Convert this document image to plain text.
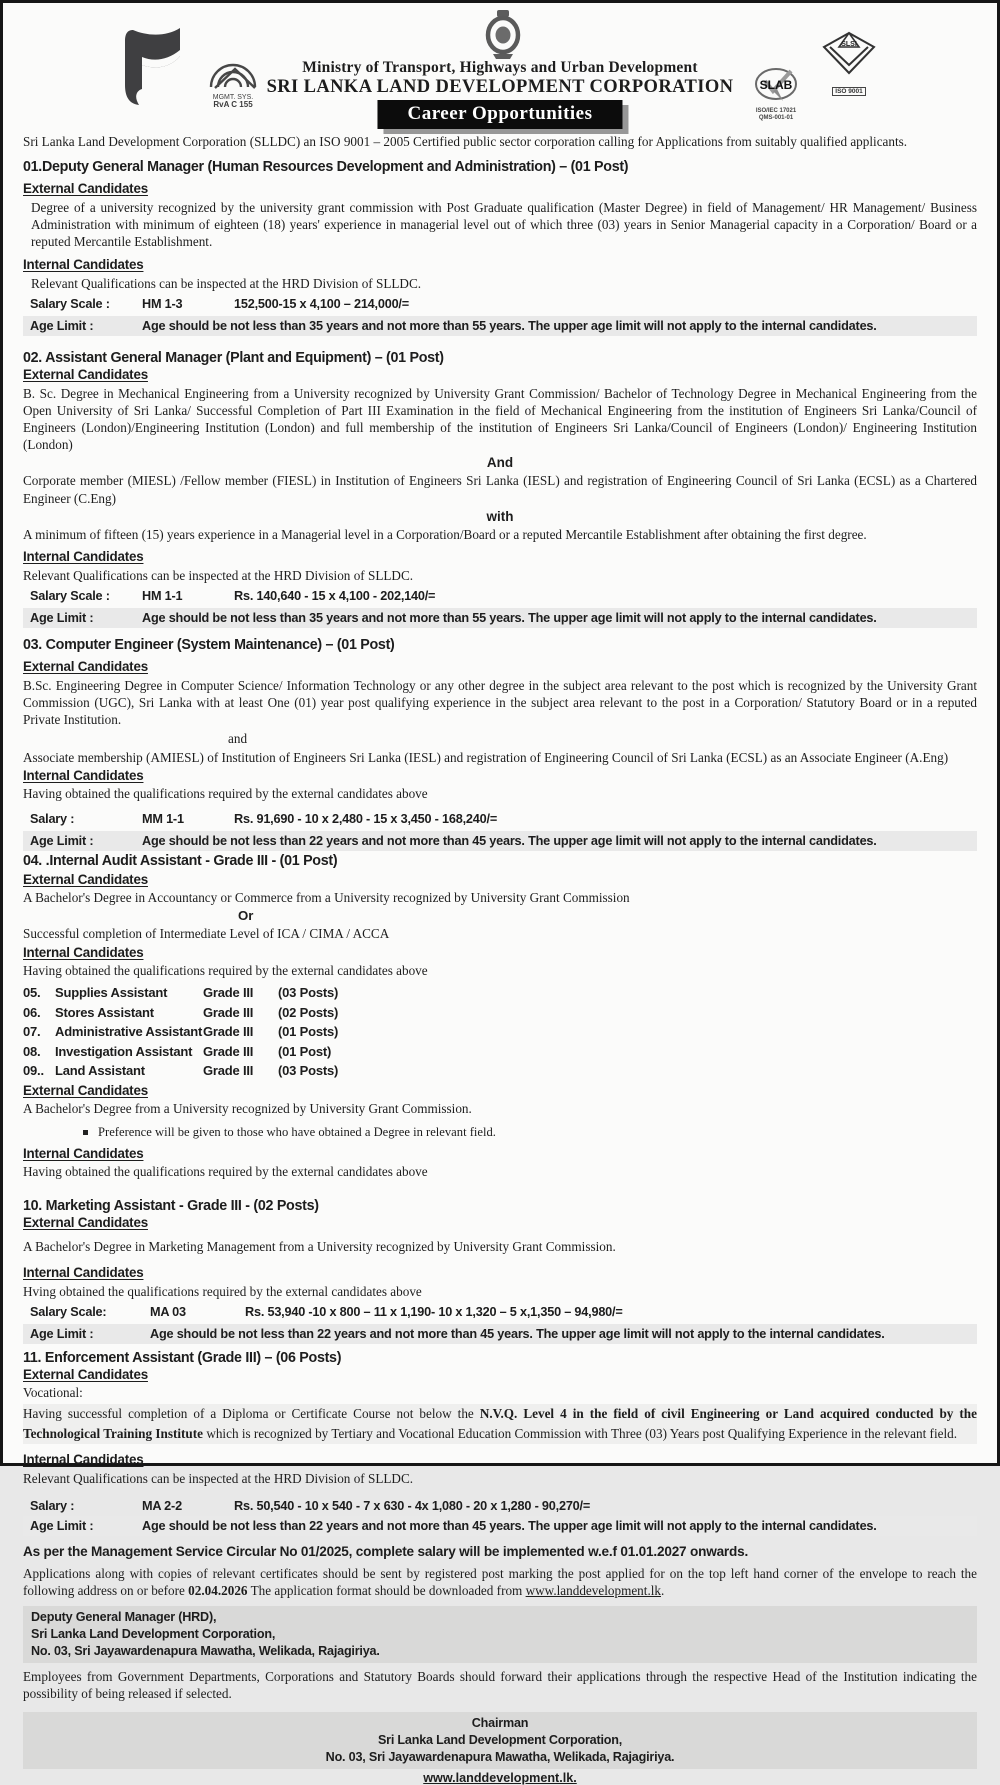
MGMT. SYS.
RvA C 155
Ministry of Transport, Highways and Urban Development
SRI LANKA LAND DEVELOPMENT CORPORATION
Career Opportunities
SLSI
ISO 9001
SLAB
ISO/IEC 17021
QMS-001-01
Sri Lanka Land Development Corporation (SLLDC) an ISO 9001 – 2005 Certified public sector corporation calling for Applications from suitably qualified applicants.
01.Deputy General Manager (Human Resources Development and Administration) – (01 Post)
External Candidates
Degree of a university recognized by the university grant commission with Post Graduate qualification (Master Degree) in field of Management/ HR Management/ Business Administration with minimum of eighteen (18) years' experience in managerial level out of which three (03) years in Senior Managerial capacity in a Corporation/ Board or a reputed Mercantile Establishment.
Internal Candidates
Relevant Qualifications can be inspected at the HRD Division of SLLDC.
Salary Scale :	HM 1-3	152,500-15 x 4,100 – 214,000/=
Age Limit :	Age should be not less than 35 years and not more than 55 years. The upper age limit will not apply to the internal candidates.
02. Assistant General Manager (Plant and Equipment) – (01 Post)
External Candidates
B. Sc. Degree in Mechanical Engineering from a University recognized by University Grant Commission/ Bachelor of Technology Degree in Mechanical Engineering from the Open University of Sri Lanka/ Successful Completion of Part III Examination in the field of Mechanical Engineering from the institution of Engineers Sri Lanka/Council of Engineers (London)/Engineering Institution (London) and full membership of the institution of Engineers Sri Lanka/Council of Engineers (London)/ Engineering Institution (London)
And
Corporate member (MIESL) /Fellow member (FIESL) in Institution of Engineers Sri Lanka (IESL) and registration of Engineering Council of Sri Lanka (ECSL) as a Chartered Engineer (C.Eng)
with
A minimum of fifteen (15) years experience in a Managerial level in a Corporation/Board or a reputed Mercantile Establishment after obtaining the first degree.
Internal Candidates
Relevant Qualifications can be inspected at the HRD Division of SLLDC.
Salary Scale :	HM 1-1	Rs. 140,640 - 15 x 4,100 - 202,140/=
Age Limit :	Age should be not less than 35 years and not more than 55 years. The upper age limit will not apply to the internal candidates.
03. Computer Engineer (System Maintenance) – (01 Post)
External Candidates
B.Sc. Engineering Degree in Computer Science/ Information Technology or any other degree in the subject area relevant to the post which is recognized by the University Grant Commission (UGC), Sri Lanka with at least One (01) year post qualifying experience in the subject area relevant to the post in a Corporation/ Statutory Board or in a reputed Private Institution.
and
Associate membership (AMIESL) of Institution of Engineers Sri Lanka (IESL) and registration of Engineering Council of Sri Lanka (ECSL) as an Associate Engineer (A.Eng)
Internal Candidates
Having obtained the qualifications required by the external candidates above
Salary :	MM 1-1	Rs. 91,690 - 10 x 2,480 - 15 x 3,450 - 168,240/=
Age Limit :	Age should be not less than 22 years and not more than 45 years. The upper age limit will not apply to the internal candidates.
04. .Internal Audit Assistant - Grade III - (01 Post)
External Candidates
A Bachelor's Degree in Accountancy or Commerce from a University recognized by University Grant Commission
Or
Successful completion of Intermediate Level of ICA / CIMA / ACCA
Internal Candidates
Having obtained the qualifications required by the external candidates above
05.	Supplies Assistant	Grade III	(03 Posts)
06.	Stores Assistant	Grade III	(02 Posts)
07.	Administrative Assistant Grade III	(01 Posts)
08.	Investigation Assistant Grade III	(01 Post)
09.. Land Assistant	Grade III	(03 Posts)
External Candidates
A Bachelor's Degree from a University recognized by University Grant Commission.
Preference will be given to those who have obtained a Degree in relevant field.
Internal Candidates
Having obtained the qualifications required by the external candidates above
10. Marketing Assistant - Grade III - (02 Posts)
External Candidates
A Bachelor's Degree in Marketing Management from a University recognized by University Grant Commission.
Internal Candidates
Hving obtained the qualifications required by the external candidates above
Salary Scale:	MA 03	Rs. 53,940 -10 x 800 – 11 x 1,190- 10 x 1,320 – 5 x,1,350 – 94,980/=
Age Limit :	Age should be not less than 22 years and not more than 45 years. The upper age limit will not apply to the internal candidates.
11. Enforcement Assistant (Grade III) – (06 Posts)
External Candidates
Vocational:
Having successful completion of a Diploma or Certificate Course not below the N.V.Q. Level 4 in the field of civil Engineering or Land acquired conducted by the Technological Training Institute which is recognized by Tertiary and Vocational Education Commission with Three (03) Years post Qualifying Experience in the relevant field.
Internal Candidates
Relevant Qualifications can be inspected at the HRD Division of SLLDC.
Salary :	MA 2-2	Rs. 50,540 - 10 x 540 - 7 x 630 - 4x 1,080 - 20 x 1,280 - 90,270/=
Age Limit :	Age should be not less than 22 years and not more than 45 years. The upper age limit will not apply to the internal candidates.
As per the Management Service Circular No 01/2025, complete salary will be implemented w.e.f 01.01.2027 onwards.
Applications along with copies of relevant certificates should be sent by registered post marking the post applied for on the top left hand corner of the envelope to reach the following address on or before 02.04.2026 The application format should be downloaded from www.landdevelopment.lk.
Deputy General Manager (HRD),
Sri Lanka Land Development Corporation,
No. 03, Sri Jayawardenapura Mawatha, Welikada, Rajagiriya.
Employees from Government Departments, Corporations and Statutory Boards should forward their applications through the respective Head of the Institution indicating the possibility of being released if selected.
Chairman
Sri Lanka Land Development Corporation,
No. 03, Sri Jayawardenapura Mawatha, Welikada, Rajagiriya.
www.landdevelopment.lk.
